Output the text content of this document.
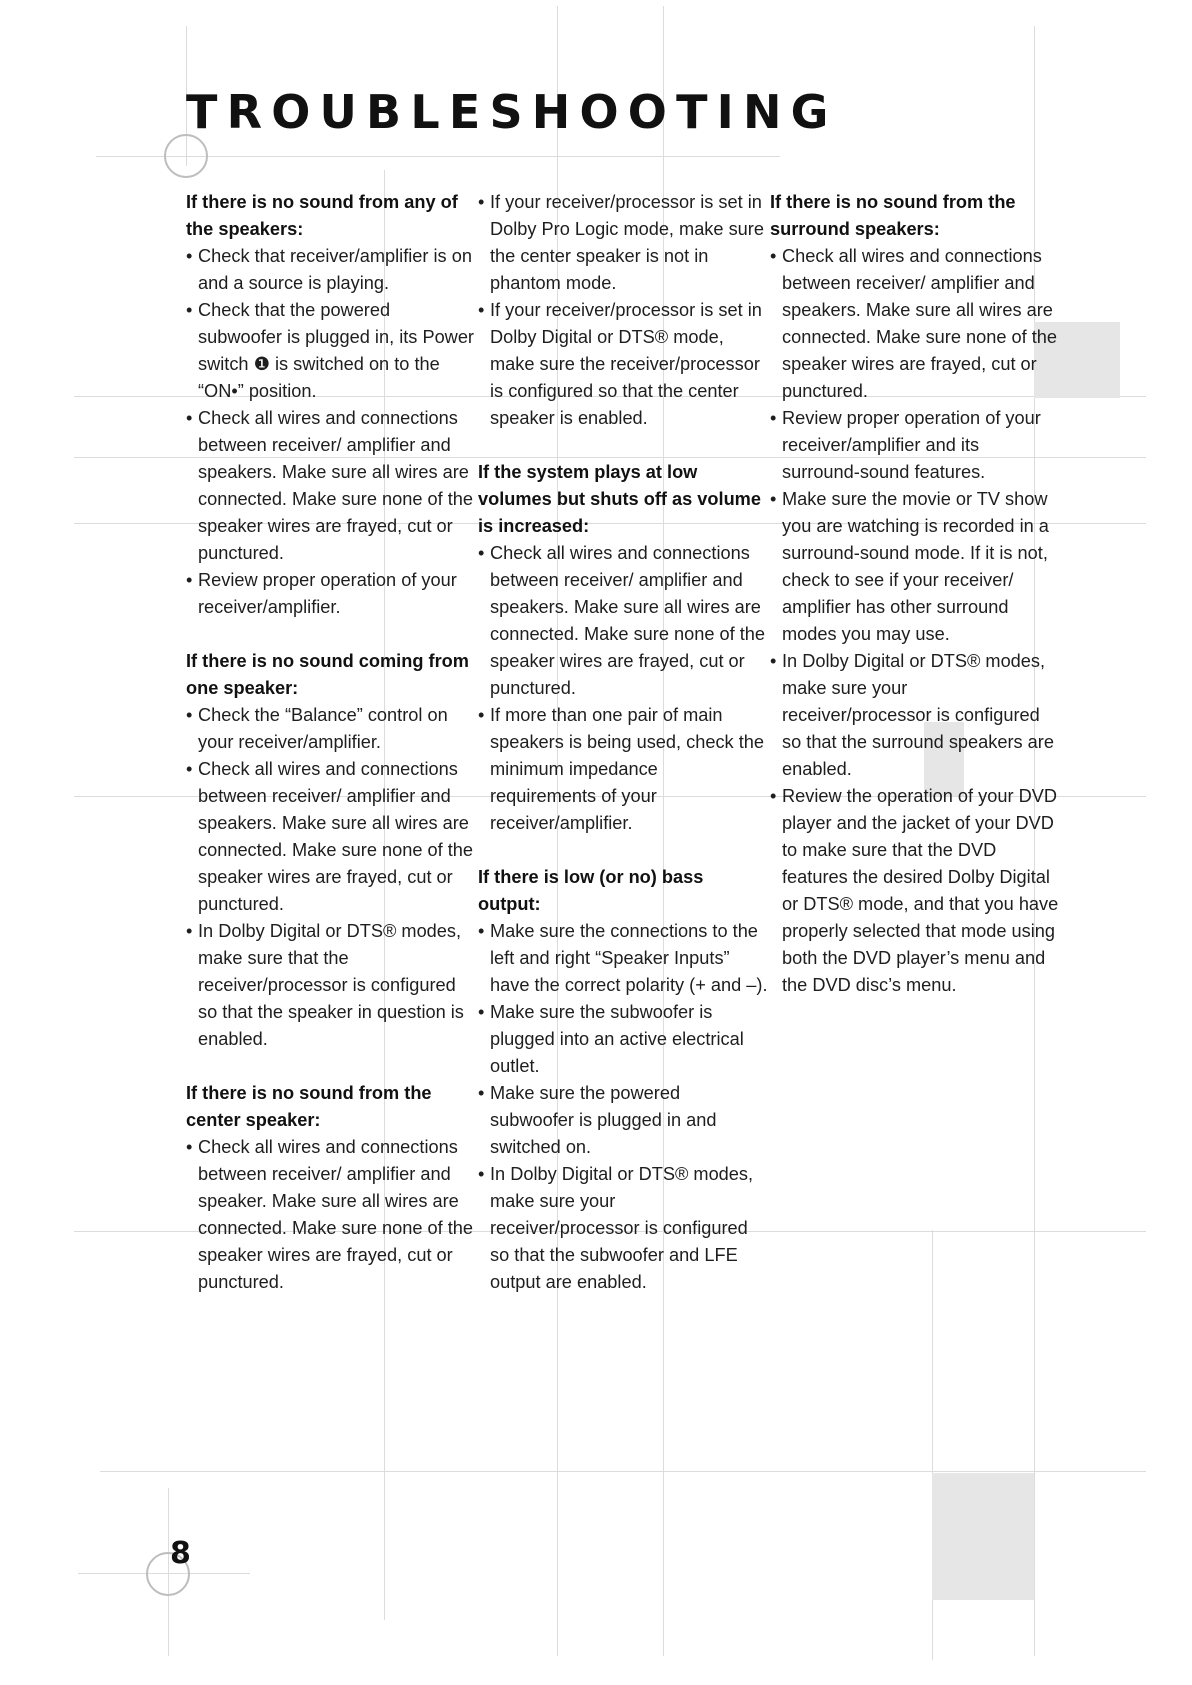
TROUBLESHOOTING
If there is no sound from any of the speakers:
• Check that receiver/amplifier is on and a source is playing.
• Check that the powered subwoofer is plugged in, its Power switch ❶ is switched on to the “ON•” position.
• Check all wires and connections between receiver/ amplifier and speakers. Make sure all wires are connected. Make sure none of the speaker wires are frayed, cut or punctured.
• Review proper operation of your receiver/amplifier.
If there is no sound coming from one speaker:
• Check the “Balance” control on your receiver/amplifier.
• Check all wires and connections between receiver/ amplifier and speakers. Make sure all wires are connected. Make sure none of the speaker wires are frayed, cut or punctured.
• In Dolby Digital or DTS® modes, make sure that the receiver/processor is configured so that the speaker in question is enabled.
If there is no sound from the center speaker:
• Check all wires and connections between receiver/ amplifier and speaker. Make sure all wires are connected. Make sure none of the speaker wires are frayed, cut or punctured.
• If your receiver/processor is set in Dolby Pro Logic mode, make sure the center speaker is not in phantom mode.
• If your receiver/processor is set in Dolby Digital or DTS® mode, make sure the receiver/processor is configured so that the center speaker is enabled.
If the system plays at low volumes but shuts off as volume is increased:
• Check all wires and connections between receiver/ amplifier and speakers. Make sure all wires are connected. Make sure none of the speaker wires are frayed, cut or punctured.
• If more than one pair of main speakers is being used, check the minimum impedance requirements of your receiver/amplifier.
If there is low (or no) bass output:
• Make sure the connections to the left and right “Speaker Inputs” have the correct polarity (+ and –).
• Make sure the subwoofer is plugged into an active electrical outlet.
• Make sure the powered subwoofer is plugged in and switched on.
• In Dolby Digital or DTS® modes, make sure your receiver/processor is configured so that the subwoofer and LFE output are enabled.
If there is no sound from the surround speakers:
• Check all wires and connections between receiver/ amplifier and speakers. Make sure all wires are connected. Make sure none of the speaker wires are frayed, cut or punctured.
• Review proper operation of your receiver/amplifier and its surround-sound features.
• Make sure the movie or TV show you are watching is recorded in a surround-sound mode. If it is not, check to see if your receiver/ amplifier has other surround modes you may use.
• In Dolby Digital or DTS® modes, make sure your receiver/processor is configured so that the surround speakers are enabled.
• Review the operation of your DVD player and the jacket of your DVD to make sure that the DVD features the desired Dolby Digital or DTS® mode, and that you have properly selected that mode using both the DVD player’s menu and the DVD disc’s menu.
8
